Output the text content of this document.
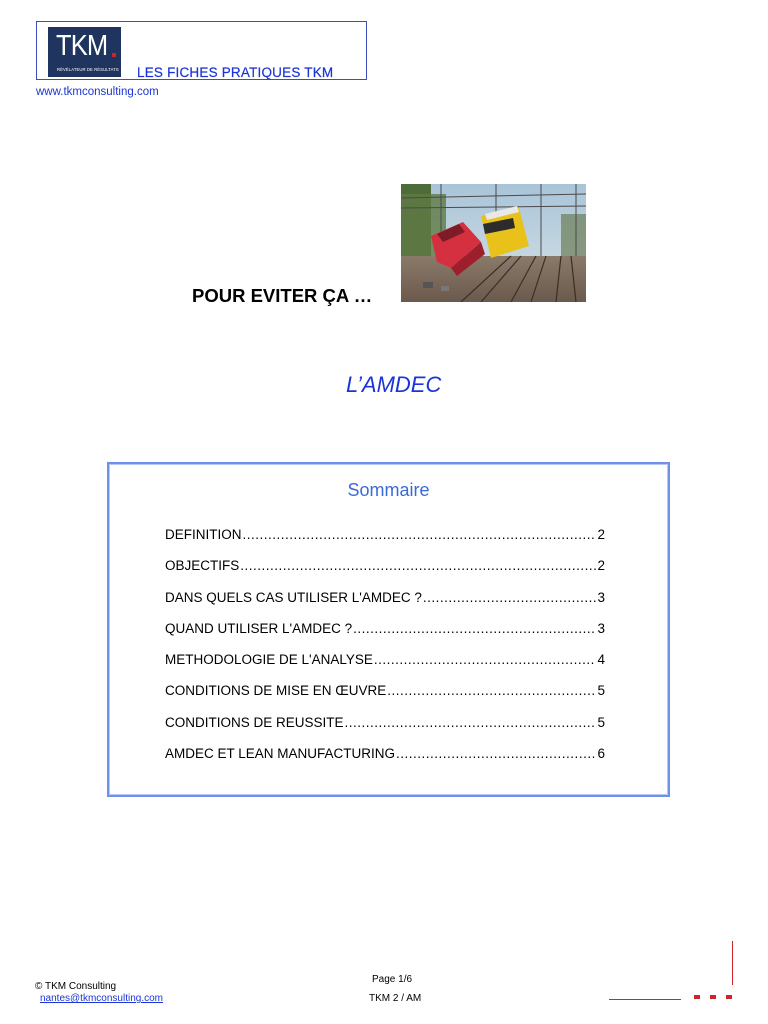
TKM
RÉVÉLATEUR DE RÉSULTATS LES FICHES PRATIQUES TKM
www.tkmconsulting.com
POUR EVITER ÇA …
L’AMDEC
Sommaire
DEFINITION .....	2
OBJECTIFS .....	2
DANS QUELS CAS UTILISER L'AMDEC ? .....	3
QUAND UTILISER L'AMDEC ? .....	3
METHODOLOGIE DE L'ANALYSE .....	4
CONDITIONS DE MISE EN ŒUVRE .....	5
CONDITIONS DE REUSSITE .....	5
AMDEC ET LEAN MANUFACTURING .....	6
© TKM Consulting
nantes@tkmconsulting.com
Page 1/6
TKM 2 / AM
